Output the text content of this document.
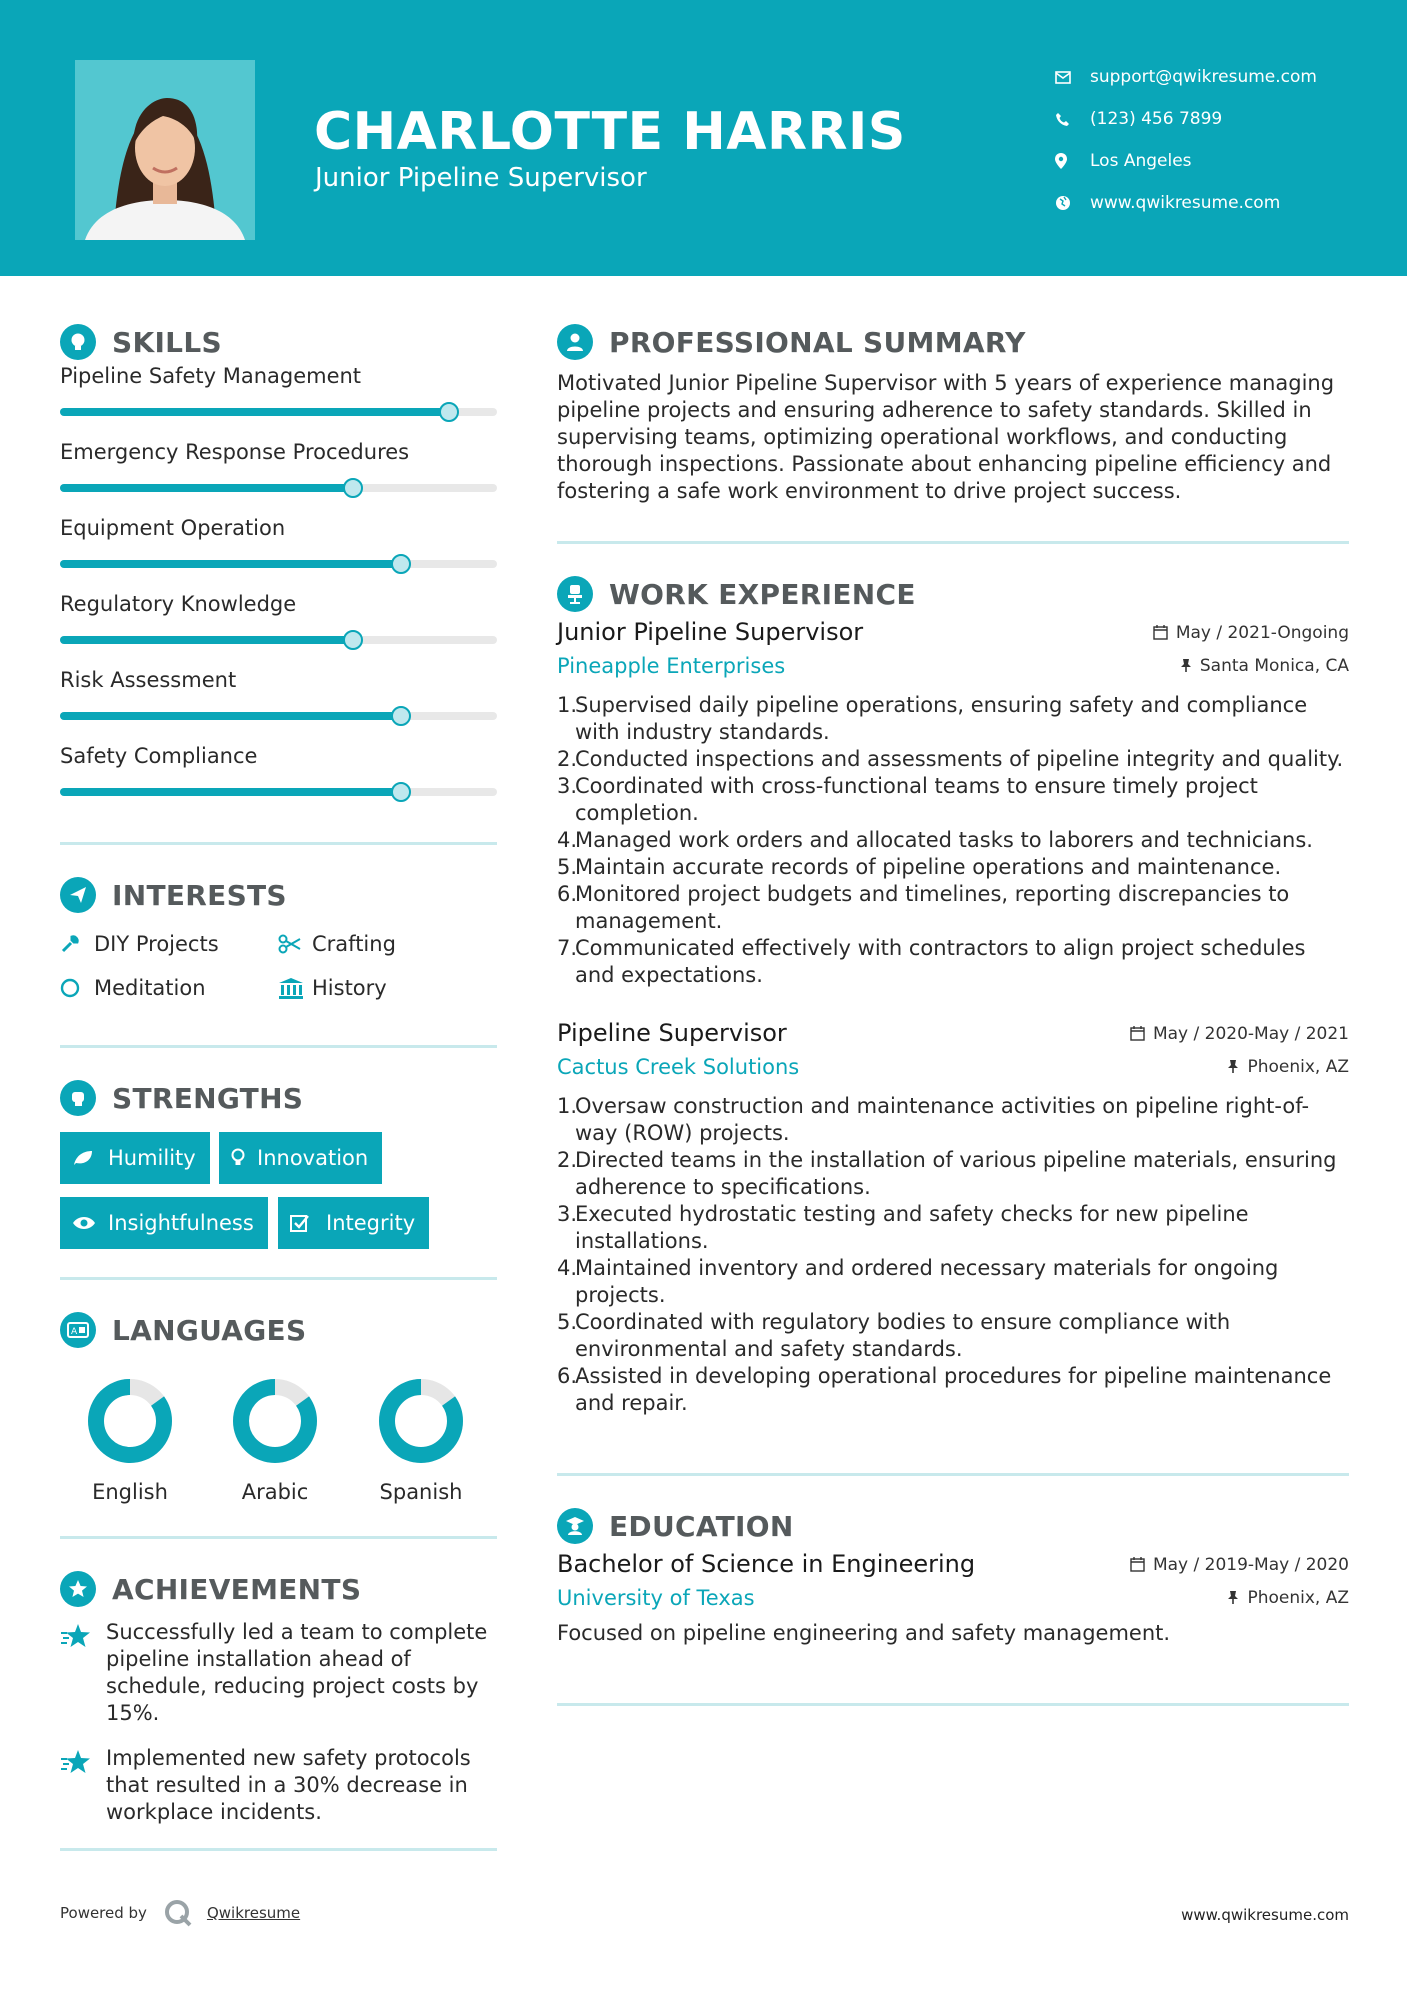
CHARLOTTE HARRIS
Junior Pipeline Supervisor
support@qwikresume.com
(123) 456 7899
Los Angeles
www.qwikresume.com
SKILLS
Pipeline Safety Management
Emergency Response Procedures
Equipment Operation
Regulatory Knowledge
Risk Assessment
Safety Compliance
INTERESTS
DIY Projects	Crafting
Meditation	History
STRENGTHS
Humility	Innovation
Insightfulness	Integrity
A LANGUAGES
English	Arabic	Spanish
ACHIEVEMENTS
Successfully led a team to complete pipeline installation ahead of schedule, reducing project costs by 15%.
Implemented new safety protocols that resulted in a 30% decrease in workplace incidents.
PROFESSIONAL SUMMARY

Motivated Junior Pipeline Supervisor with 5 years of experience managing pipeline projects and ensuring adherence to safety standards. Skilled in supervising teams, optimizing operational workflows, and conducting thorough inspections. Passionate about enhancing pipeline efficiency and fostering a safe work environment to drive project success.

WORK EXPERIENCE
Junior Pipeline Supervisor	May / 2021-Ongoing
Pineapple Enterprises	Santa Monica, CA
1.
Supervised daily pipeline operations, ensuring safety and compliance with industry standards.
2.
Conducted inspections and assessments of pipeline integrity and quality.
3.
Coordinated with cross-functional teams to ensure timely project completion.
4.
Managed work orders and allocated tasks to laborers and technicians.
5.
Maintain accurate records of pipeline operations and maintenance.
6.
Monitored project budgets and timelines, reporting discrepancies to management.
7.
Communicated effectively with contractors to align project schedules and expectations.
Pipeline Supervisor	May / 2020-May / 2021
Cactus Creek Solutions	Phoenix, AZ
1.
Oversaw construction and maintenance activities on pipeline right-of-way (ROW) projects.
2.
Directed teams in the installation of various pipeline materials, ensuring adherence to specifications.
3.
Executed hydrostatic testing and safety checks for new pipeline installations.
4.
Maintained inventory and ordered necessary materials for ongoing projects.
5.
Coordinated with regulatory bodies to ensure compliance with environmental and safety standards.
6.
Assisted in developing operational procedures for pipeline maintenance and repair.
EDUCATION
Bachelor of Science in Engineering	May / 2019-May / 2020
University of Texas	Phoenix, AZ

Focused on pipeline engineering and safety management.

Powered by	Qwikresume	www.qwikresume.com
